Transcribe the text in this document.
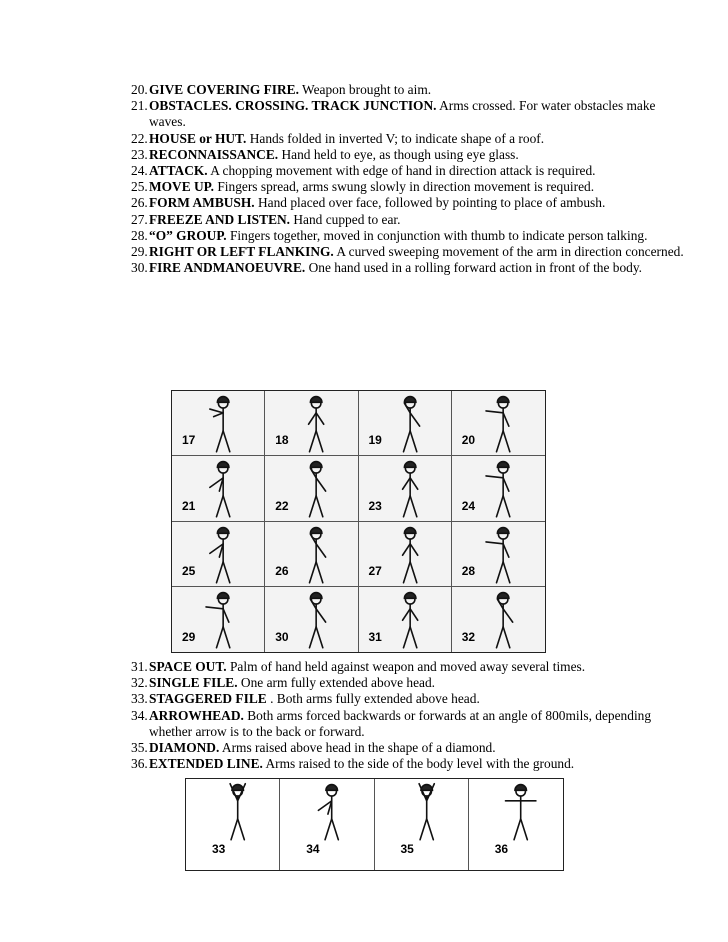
20. GIVE COVERING FIRE. Weapon brought to aim.
21. OBSTACLES. CROSSING. TRACK JUNCTION. Arms crossed. For water obstacles make waves.
22. HOUSE or HUT. Hands folded in inverted V; to indicate shape of a roof.
23. RECONNAISSANCE. Hand held to eye, as though using eye glass.
24. ATTACK. A chopping movement with edge of hand in direction attack is required.
25. MOVE UP. Fingers spread, arms swung slowly in direction movement is required.
26. FORM AMBUSH. Hand placed over face, followed by pointing to place of ambush.
27. FREEZE AND LISTEN. Hand cupped to ear.
28. “O” GROUP. Fingers together, moved in conjunction with thumb to indicate person talking.
29. RIGHT OR LEFT FLANKING. A curved sweeping movement of the arm in direction concerned.
30. FIRE ANDMANOEUVRE. One hand used in a rolling forward action in front of the body.
17	18	19	20
21	22	23	24
25	26	27	28
29	30	31	32
31. SPACE OUT. Palm of hand held against weapon and moved away several times.
32. SINGLE FILE. One arm fully extended above head.
33. STAGGERED FILE . Both arms fully extended above head.
34. ARROWHEAD. Both arms forced backwards or forwards at an angle of 800mils, depending whether arrow is to the back or forward.
35. DIAMOND. Arms raised above head in the shape of a diamond.
36. EXTENDED LINE. Arms raised to the side of the body level with the ground.
33	34	35	36
